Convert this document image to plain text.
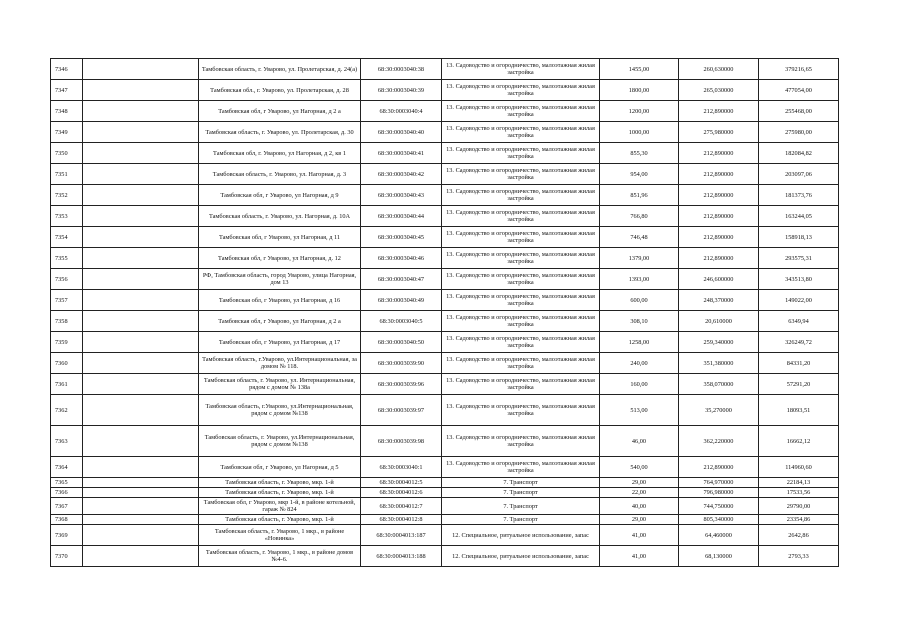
7346		Тамбовская область, г. Уварово, ул. Пролетарская, д. 24(а)	68:30:0003040:38	13. Садоводство и огородничество, малоэтажная жилая застройка	1455,00	260,630000	379216,65
7347		Тамбовская обл., г. Уварово, ул. Пролетарская, д. 28	68:30:0003040:39	13. Садоводство и огородничество, малоэтажная жилая застройка	1800,00	265,030000	477054,00
7348		Тамбовская обл, г Уварово, ул Нагорная, д 2 а	68:30:0003040:4	13. Садоводство и огородничество, малоэтажная жилая застройка	1200,00	212,890000	255468,00
7349		Тамбовская область, г. Уварово, ул. Пролетарская, д. 30	68:30:0003040:40	13. Садоводство и огородничество, малоэтажная жилая застройка	1000,00	275,980000	275980,00
7350		Тамбовская обл, г. Уварово, ул Нагорная, д 2, кв 1	68:30:0003040:41	13. Садоводство и огородничество, малоэтажная жилая застройка	855,30	212,890000	182084,82
7351		Тамбовская область, г. Уварово, ул. Нагорная, д. 3	68:30:0003040:42	13. Садоводство и огородничество, малоэтажная жилая застройка	954,00	212,890000	203097,06
7352		Тамбовская обл, г Уварово, ул Нагорная, д 9	68:30:0003040:43	13. Садоводство и огородничество, малоэтажная жилая застройка	851,96	212,890000	181373,76
7353		Тамбовская область, г. Уварово, ул. Нагорная, д. 10А	68:30:0003040:44	13. Садоводство и огородничество, малоэтажная жилая застройка	766,80	212,890000	163244,05
7354		Тамбовская обл, г Уварово, ул Нагорная, д 11	68:30:0003040:45	13. Садоводство и огородничество, малоэтажная жилая застройка	746,48	212,890000	158918,13
7355		Тамбовская обл, г Уварово, ул Нагорная, д. 12	68:30:0003040:46	13. Садоводство и огородничество, малоэтажная жилая застройка	1379,00	212,890000	293575,31
7356		РФ, Тамбовская область, город Уварово, улица Нагорная, дом 13	68:30:0003040:47	13. Садоводство и огородничество, малоэтажная жилая застройка	1393,00	246,600000	343513,80
7357		Тамбовская обл, г Уварово, ул Нагорная, д 16	68:30:0003040:49	13. Садоводство и огородничество, малоэтажная жилая застройка	600,00	248,370000	149022,00
7358		Тамбовская обл, г Уварово, ул Нагорная, д 2 а	68:30:0003040:5	13. Садоводство и огородничество, малоэтажная жилая застройка	308,10	20,610000	6349,94
7359		Тамбовская обл, г Уварово, ул Нагорная, д 17	68:30:0003040:50	13. Садоводство и огородничество, малоэтажная жилая застройка	1258,00	259,340000	326249,72
7360		Тамбовская область, г.Уварово, ул.Интернациональная, за домом № 118.	68:30:0003039:90	13. Садоводство и огородничество, малоэтажная жилая застройка	240,00	351,380000	84331,20
7361		Тамбовская область, г. Уварово, ул. Интернациональная, рядом с домом № 138а	68:30:0003039:96	13. Садоводство и огородничество, малоэтажная жилая застройка	160,00	358,070000	57291,20
7362		Тамбовская область, г.Уварово, ул.Интернациональная, рядом с домом №138	68:30:0003039:97	13. Садоводство и огородничество, малоэтажная жилая застройка	513,00	35,270000	18093,51
7363		Тамбовская область, г. Уварово, ул.Интернациональная, рядом с домом №138	68:30:0003039:98	13. Садоводство и огородничество, малоэтажная жилая застройка	46,00	362,220000	16662,12
7364		Тамбовская обл, г Уварово, ул Нагорная, д 5	68:30:0003040:1	13. Садоводство и огородничество, малоэтажная жилая застройка	540,00	212,890000	114960,60
7365		Тамбовская область, г. Уварово, мкр. 1-й	68:30:0004012:5	7. Транспорт	29,00	764,970000	22184,13
7366		Тамбовская область, г. Уварово, мкр. 1-й	68:30:0004012:6	7. Транспорт	22,00	796,980000	17533,56
7367		Тамбовская обл, г Уварово, мкр 1-й, в районе котельной, гараж № 824	68:30:0004012:7	7. Транспорт	40,00	744,750000	29790,00
7368		Тамбовская область, г. Уварово, мкр. 1-й	68:30:0004012:8	7. Транспорт	29,00	805,340000	23354,86
7369		Тамбовская область, г. Уварово, 1 мкр., в районе «Новинка»	68:30:0004013:187	12. Специальное, ритуальное использование, запас	41,00	64,460000	2642,86
7370		Тамбовская область, г. Уварово, 1 мкр., в районе домов №4-6.	68:30:0004013:188	12. Специальное, ритуальное использование, запас	41,00	68,130000	2793,33
